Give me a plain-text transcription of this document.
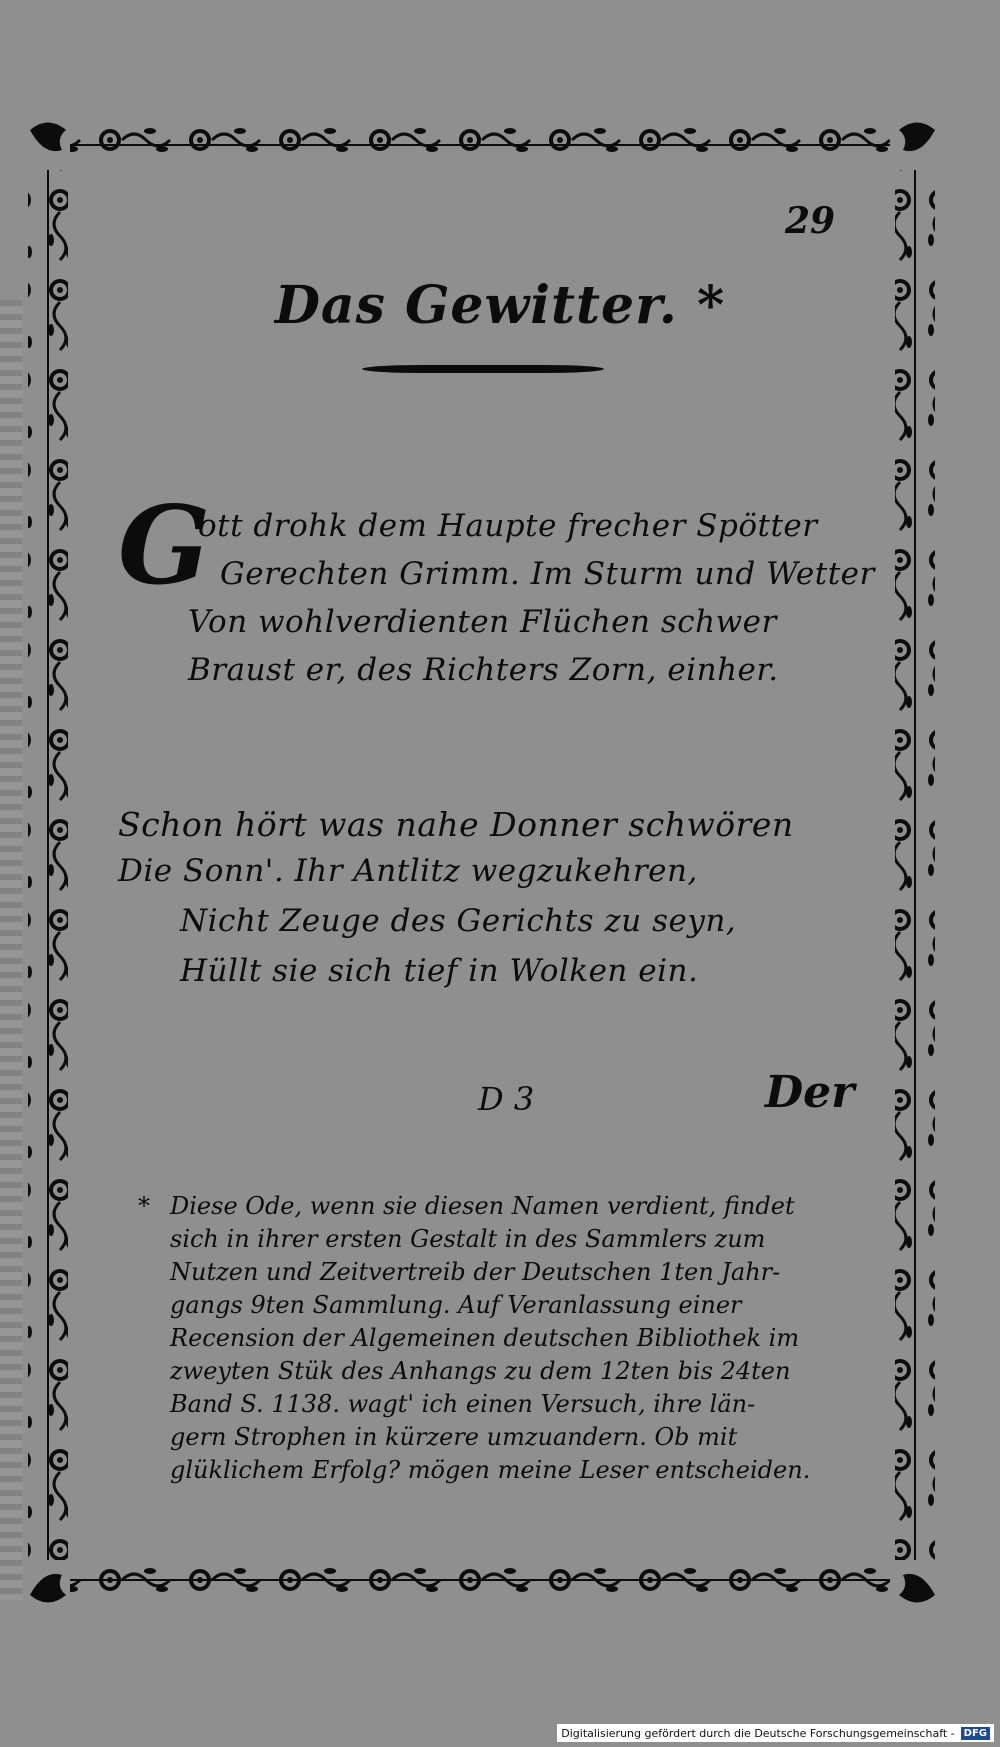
29
Das Gewitter. *
G
ott drohk dem Haupte frecher Spötter
Gerechten Grimm. Im Sturm und Wetter
Von wohlverdienten Flüchen schwer
Braust er, des Richters Zorn, einher.
Schon hört was nahe Donner schwören
Die Sonn'. Ihr Antlitz wegzukehren,
Nicht Zeuge des Gerichts zu seyn,
Hüllt sie sich tief in Wolken ein.
D 3	Der
* Diese Ode, wenn sie diesen Namen verdient, findet
sich in ihrer ersten Gestalt in des Sammlers zum
Nutzen und Zeitvertreib der Deutschen 1ten Jahr-
gangs 9ten Sammlung. Auf Veranlassung einer
Recension der Algemeinen deutschen Bibliothek im
zweyten Stük des Anhangs zu dem 12ten bis 24ten
Band S. 1138. wagt' ich einen Versuch, ihre län-
gern Strophen in kürzere umzuandern. Ob mit
glüklichem Erfolg? mögen meine Leser entscheiden.
Digitalisierung gefördert durch die Deutsche Forschungsgemeinschaft - DFG
